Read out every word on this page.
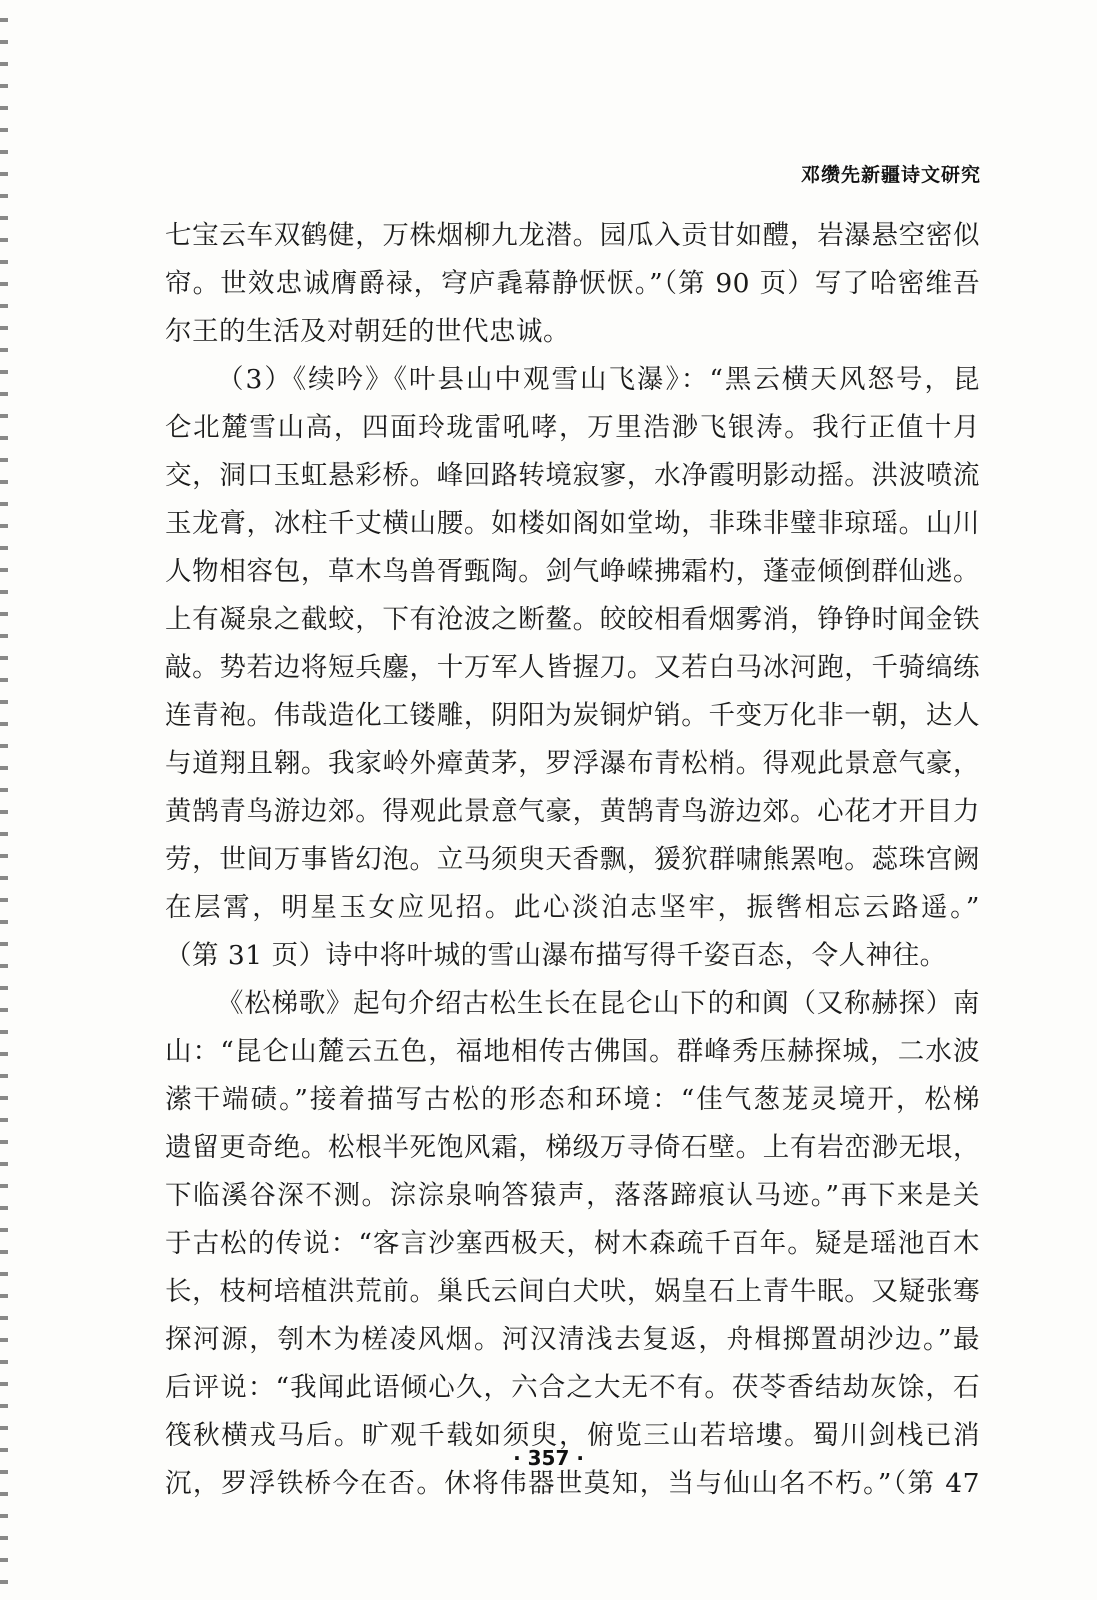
邓缵先新疆诗文研究
七宝云车双鹤健，万株烟柳九龙潜。园瓜入贡甘如醴，岩瀑悬空密似
帘。世效忠诚膺爵禄，穹庐毳幕静恹恹。”（第 90 页）写了哈密维吾
尔王的生活及对朝廷的世代忠诚。
（3）《续吟》《叶县山中观雪山飞瀑》：“黑云横天风怒号，昆
仑北麓雪山高，四面玲珑雷吼哮，万里浩渺飞银涛。我行正值十月
交，洞口玉虹悬彩桥。峰回路转境寂寥，水净霞明影动摇。洪波喷流
玉龙膏，冰柱千丈横山腰。如楼如阁如堂坳，非珠非璧非琼瑶。山川
人物相容包，草木鸟兽胥甄陶。剑气峥嵘拂霜杓，蓬壶倾倒群仙逃。
上有凝泉之截蛟，下有沧波之断鳌。皎皎相看烟雾消，铮铮时闻金铁
敲。势若边将短兵鏖，十万军人皆握刀。又若白马冰河跑，千骑缟练
连青袍。伟哉造化工镂雕，阴阳为炭铜炉销。千变万化非一朝，达人
与道翔且翱。我家岭外瘴黄茅，罗浮瀑布青松梢。得观此景意气豪，
黄鹄青鸟游边郊。得观此景意气豪，黄鹄青鸟游边郊。心花才开目力
劳，世间万事皆幻泡。立马须臾天香飘，猨狖群啸熊罴咆。蕊珠宫阙
在层霄，明星玉女应见招。此心淡泊志坚牢，振辔相忘云路遥。”
（第 31 页）诗中将叶城的雪山瀑布描写得千姿百态，令人神往。
《松梯歌》起句介绍古松生长在昆仑山下的和阗（又称赫探）南
山：“昆仑山麓云五色，福地相传古佛国。群峰秀压赫探城，二水波
潆干端碛。”接着描写古松的形态和环境：“佳气葱茏灵境开，松梯
遗留更奇绝。松根半死饱风霜，梯级万寻倚石壁。上有岩峦渺无垠，
下临溪谷深不测。淙淙泉响答猿声，落落蹄痕认马迹。”再下来是关
于古松的传说：“客言沙塞西极天，树木森疏千百年。疑是瑶池百木
长，枝柯培植洪荒前。巢氏云间白犬吠，娲皇石上青牛眠。又疑张骞
探河源，刳木为槎凌风烟。河汉清浅去复返，舟楫掷置胡沙边。”最
后评说：“我闻此语倾心久，六合之大无不有。茯苓香结劫灰馀，石
筏秋横戎马后。旷观千载如须臾，俯览三山若培塿。蜀川剑栈已消
沉，罗浮铁桥今在否。休将伟器世莫知，当与仙山名不朽。”（第 47
· 357 ·
